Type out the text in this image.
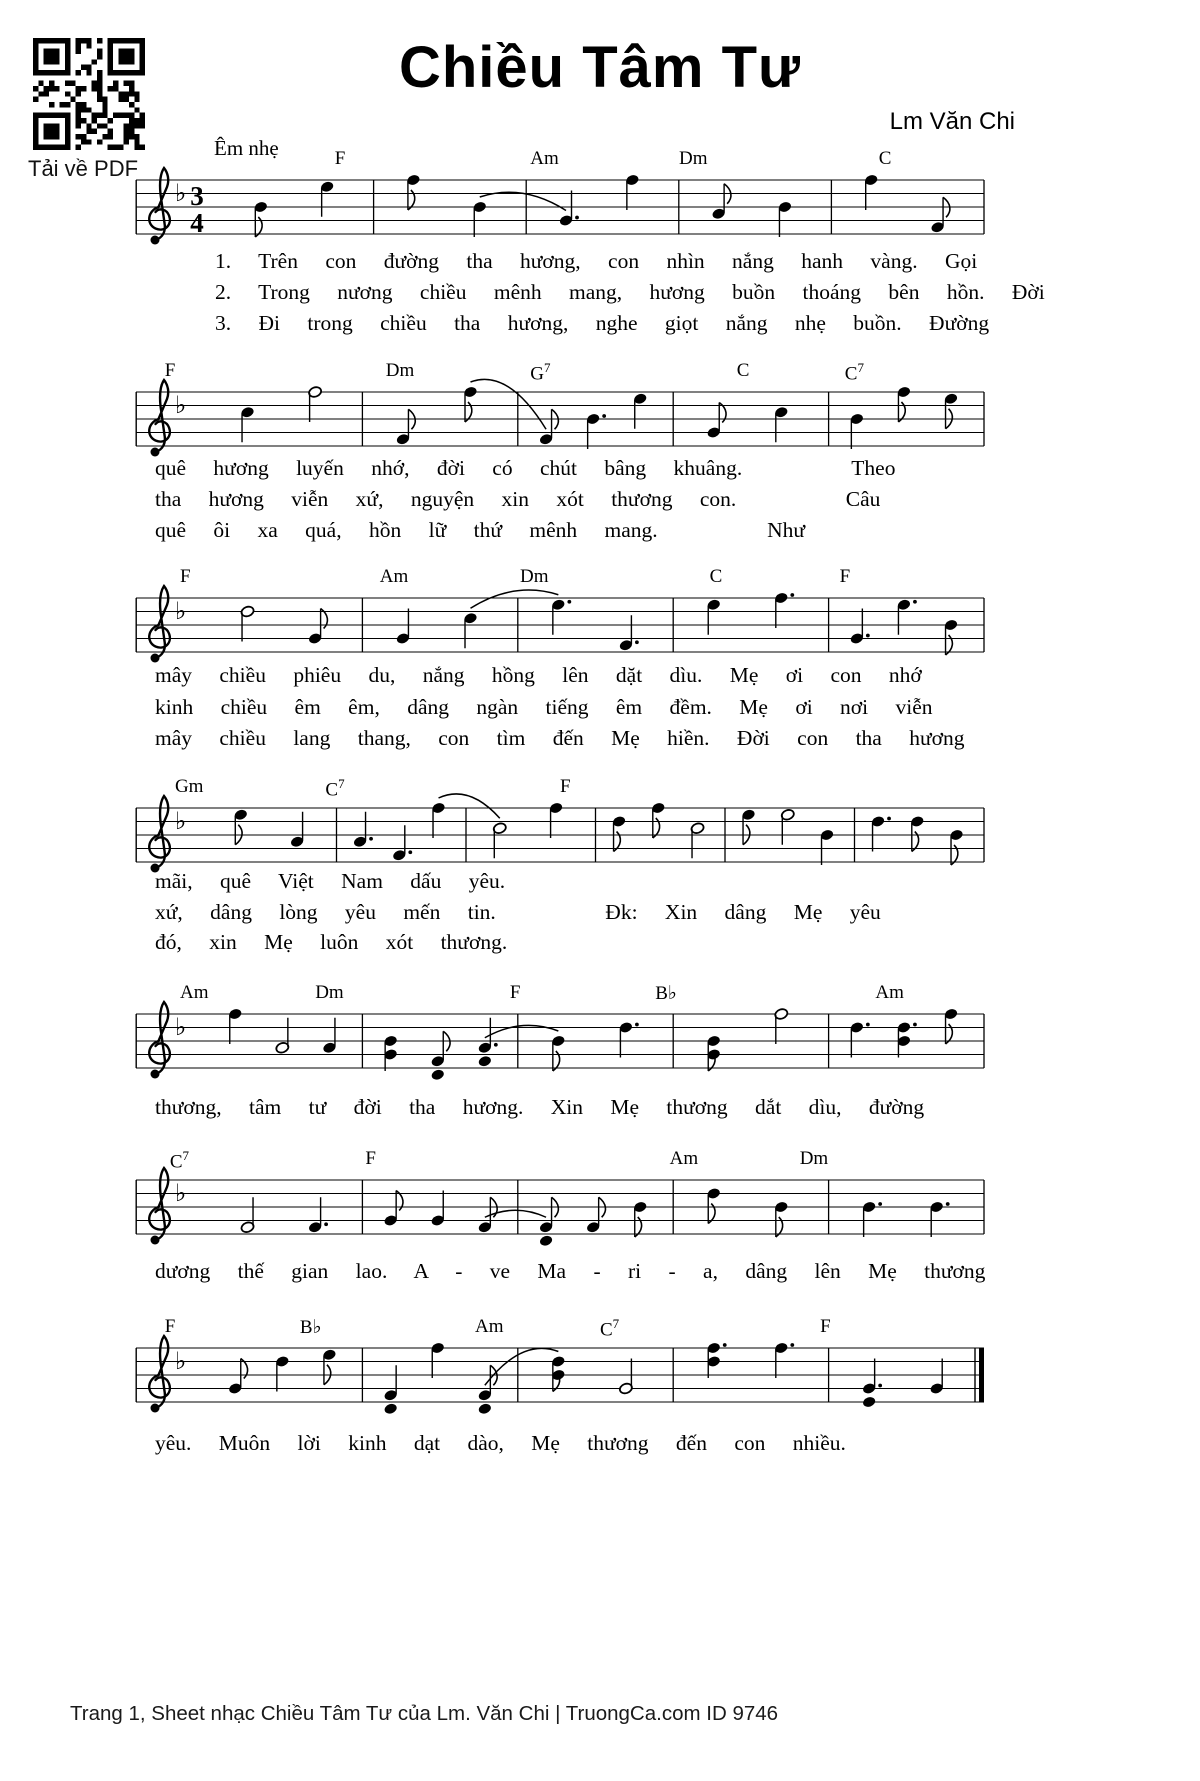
Tải về PDF
Chiều Tâm Tư
Lm Văn Chi
Êm nhẹ	F	Am	Dm	C
♭ 3
4
1. Trên con đường tha hương, con nhìn nắng hanh vàng. Gọi
2. Trong nương chiều mênh mang, hương buồn thoáng bên hồn. Đời
3. Đi trong chiều tha hương, nghe giọt nắng nhẹ buồn. Đường
F	Dm	$G^7$	C	$C^7$
♭
quê hương luyến nhớ, đời có chút bâng khuâng.    Theo
tha hương viễn xứ, nguyện xin xót thương con.    Câu
quê ôi xa quá, hồn lữ thứ mênh mang.    Như
F	Am	Dm	C	F
♭
mây chiều phiêu du, nắng hồng lên dặt dìu. Mẹ ơi con nhớ
kinh chiều êm êm, dâng ngàn tiếng êm đềm. Mẹ ơi nơi viễn
mây chiều lang thang, con tìm đến Mẹ hiền. Đời con tha hương
Gm	$C^7$	F
♭
mãi, quê Việt Nam dấu yêu.
xứ, dâng lòng yêu mến tin.    Đk: Xin dâng Mẹ yêu
đó, xin Mẹ luôn xót thương.
Am	Dm	F	B♭	Am
♭
thương, tâm tư đời tha hương. Xin Mẹ thương dắt dìu, đường
$C^7$	F	Am	Dm
♭
dương thế gian lao. A - ve Ma - ri - a, dâng lên Mẹ thương
F	B♭	Am	$C^7$	F
♭
yêu. Muôn lời kinh dạt dào, Mẹ thương đến con nhiều.
Trang 1, Sheet nhạc Chiều Tâm Tư của Lm. Văn Chi | TruongCa.com ID 9746
